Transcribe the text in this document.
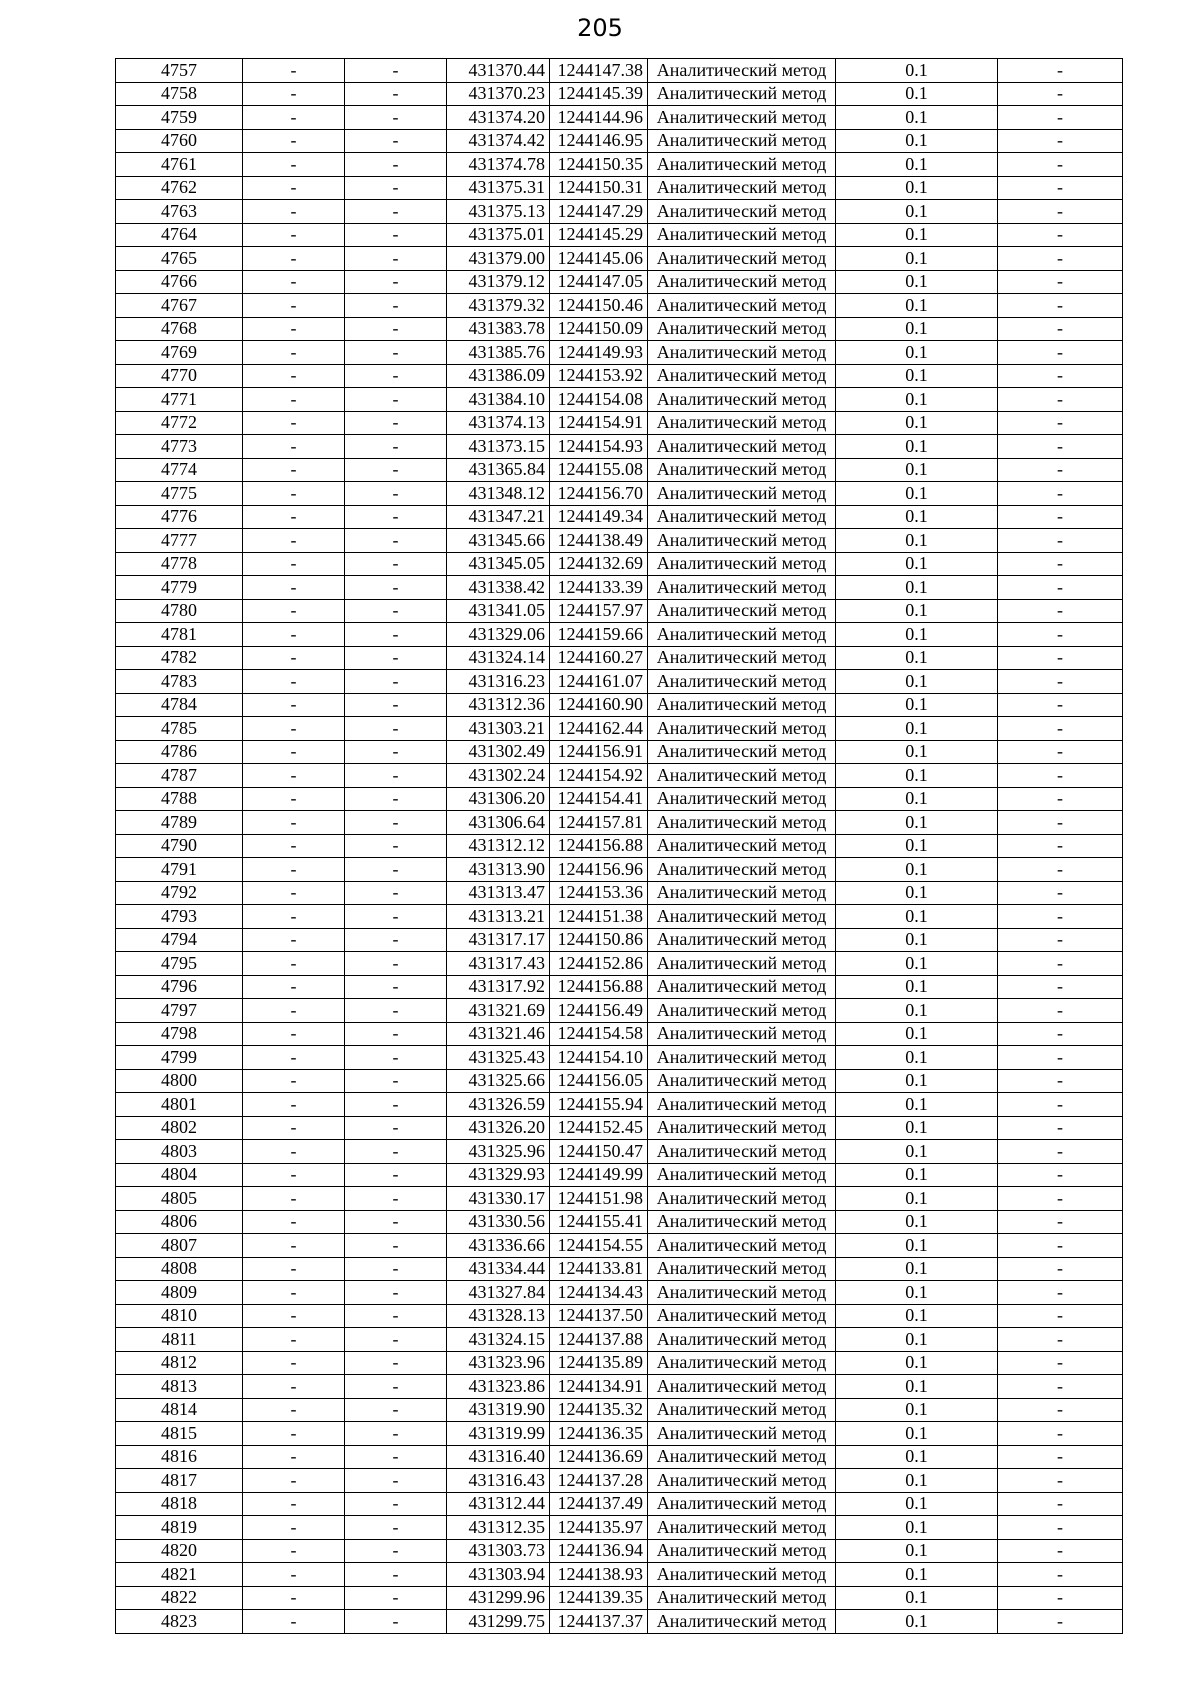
205
4757	-	-	431370.44	1244147.38	Аналитический метод	0.1	-
4758	-	-	431370.23	1244145.39	Аналитический метод	0.1	-
4759	-	-	431374.20	1244144.96	Аналитический метод	0.1	-
4760	-	-	431374.42	1244146.95	Аналитический метод	0.1	-
4761	-	-	431374.78	1244150.35	Аналитический метод	0.1	-
4762	-	-	431375.31	1244150.31	Аналитический метод	0.1	-
4763	-	-	431375.13	1244147.29	Аналитический метод	0.1	-
4764	-	-	431375.01	1244145.29	Аналитический метод	0.1	-
4765	-	-	431379.00	1244145.06	Аналитический метод	0.1	-
4766	-	-	431379.12	1244147.05	Аналитический метод	0.1	-
4767	-	-	431379.32	1244150.46	Аналитический метод	0.1	-
4768	-	-	431383.78	1244150.09	Аналитический метод	0.1	-
4769	-	-	431385.76	1244149.93	Аналитический метод	0.1	-
4770	-	-	431386.09	1244153.92	Аналитический метод	0.1	-
4771	-	-	431384.10	1244154.08	Аналитический метод	0.1	-
4772	-	-	431374.13	1244154.91	Аналитический метод	0.1	-
4773	-	-	431373.15	1244154.93	Аналитический метод	0.1	-
4774	-	-	431365.84	1244155.08	Аналитический метод	0.1	-
4775	-	-	431348.12	1244156.70	Аналитический метод	0.1	-
4776	-	-	431347.21	1244149.34	Аналитический метод	0.1	-
4777	-	-	431345.66	1244138.49	Аналитический метод	0.1	-
4778	-	-	431345.05	1244132.69	Аналитический метод	0.1	-
4779	-	-	431338.42	1244133.39	Аналитический метод	0.1	-
4780	-	-	431341.05	1244157.97	Аналитический метод	0.1	-
4781	-	-	431329.06	1244159.66	Аналитический метод	0.1	-
4782	-	-	431324.14	1244160.27	Аналитический метод	0.1	-
4783	-	-	431316.23	1244161.07	Аналитический метод	0.1	-
4784	-	-	431312.36	1244160.90	Аналитический метод	0.1	-
4785	-	-	431303.21	1244162.44	Аналитический метод	0.1	-
4786	-	-	431302.49	1244156.91	Аналитический метод	0.1	-
4787	-	-	431302.24	1244154.92	Аналитический метод	0.1	-
4788	-	-	431306.20	1244154.41	Аналитический метод	0.1	-
4789	-	-	431306.64	1244157.81	Аналитический метод	0.1	-
4790	-	-	431312.12	1244156.88	Аналитический метод	0.1	-
4791	-	-	431313.90	1244156.96	Аналитический метод	0.1	-
4792	-	-	431313.47	1244153.36	Аналитический метод	0.1	-
4793	-	-	431313.21	1244151.38	Аналитический метод	0.1	-
4794	-	-	431317.17	1244150.86	Аналитический метод	0.1	-
4795	-	-	431317.43	1244152.86	Аналитический метод	0.1	-
4796	-	-	431317.92	1244156.88	Аналитический метод	0.1	-
4797	-	-	431321.69	1244156.49	Аналитический метод	0.1	-
4798	-	-	431321.46	1244154.58	Аналитический метод	0.1	-
4799	-	-	431325.43	1244154.10	Аналитический метод	0.1	-
4800	-	-	431325.66	1244156.05	Аналитический метод	0.1	-
4801	-	-	431326.59	1244155.94	Аналитический метод	0.1	-
4802	-	-	431326.20	1244152.45	Аналитический метод	0.1	-
4803	-	-	431325.96	1244150.47	Аналитический метод	0.1	-
4804	-	-	431329.93	1244149.99	Аналитический метод	0.1	-
4805	-	-	431330.17	1244151.98	Аналитический метод	0.1	-
4806	-	-	431330.56	1244155.41	Аналитический метод	0.1	-
4807	-	-	431336.66	1244154.55	Аналитический метод	0.1	-
4808	-	-	431334.44	1244133.81	Аналитический метод	0.1	-
4809	-	-	431327.84	1244134.43	Аналитический метод	0.1	-
4810	-	-	431328.13	1244137.50	Аналитический метод	0.1	-
4811	-	-	431324.15	1244137.88	Аналитический метод	0.1	-
4812	-	-	431323.96	1244135.89	Аналитический метод	0.1	-
4813	-	-	431323.86	1244134.91	Аналитический метод	0.1	-
4814	-	-	431319.90	1244135.32	Аналитический метод	0.1	-
4815	-	-	431319.99	1244136.35	Аналитический метод	0.1	-
4816	-	-	431316.40	1244136.69	Аналитический метод	0.1	-
4817	-	-	431316.43	1244137.28	Аналитический метод	0.1	-
4818	-	-	431312.44	1244137.49	Аналитический метод	0.1	-
4819	-	-	431312.35	1244135.97	Аналитический метод	0.1	-
4820	-	-	431303.73	1244136.94	Аналитический метод	0.1	-
4821	-	-	431303.94	1244138.93	Аналитический метод	0.1	-
4822	-	-	431299.96	1244139.35	Аналитический метод	0.1	-
4823	-	-	431299.75	1244137.37	Аналитический метод	0.1	-
